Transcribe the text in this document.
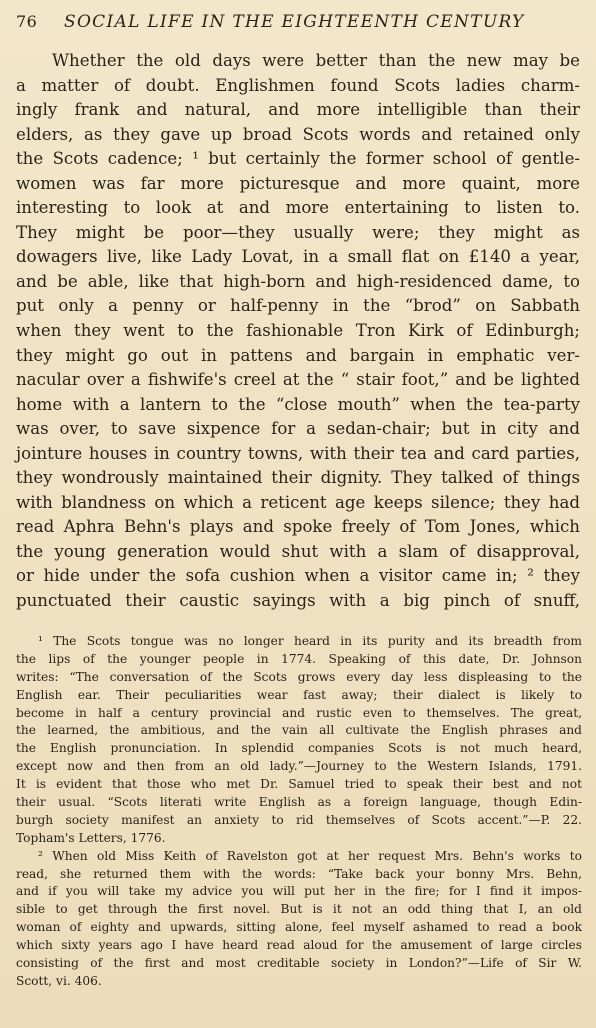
76 SOCIAL LIFE IN THE EIGHTEENTH CENTURY
Whether the old days were better than the new may be
a matter of doubt. Englishmen found Scots ladies charm-
ingly frank and natural, and more intelligible than their
elders, as they gave up broad Scots words and retained only
the Scots cadence; ¹ but certainly the former school of gentle-
women was far more picturesque and more quaint, more
interesting to look at and more entertaining to listen to.
They might be poor—they usually were; they might as
dowagers live, like Lady Lovat, in a small flat on £140 a year,
and be able, like that high-born and high-residenced dame, to
put only a penny or half-penny in the “brod” on Sabbath
when they went to the fashionable Tron Kirk of Edinburgh;
they might go out in pattens and bargain in emphatic ver-
nacular over a fishwife's creel at the “ stair foot,” and be lighted
home with a lantern to the “close mouth” when the tea-party
was over, to save sixpence for a sedan-chair; but in city and
jointure houses in country towns, with their tea and card parties,
they wondrously maintained their dignity. They talked of things
with blandness on which a reticent age keeps silence; they had
read Aphra Behn's plays and spoke freely of Tom Jones, which
the young generation would shut with a slam of disapproval,
or hide under the sofa cushion when a visitor came in; ² they
punctuated their caustic sayings with a big pinch of snuff,
¹ The Scots tongue was no longer heard in its purity and its breadth from
the lips of the younger people in 1774. Speaking of this date, Dr. Johnson
writes: “The conversation of the Scots grows every day less displeasing to the
English ear. Their peculiarities wear fast away; their dialect is likely to
become in half a century provincial and rustic even to themselves. The great,
the learned, the ambitious, and the vain all cultivate the English phrases and
the English pronunciation. In splendid companies Scots is not much heard,
except now and then from an old lady.”—Journey to the Western Islands, 1791.
It is evident that those who met Dr. Samuel tried to speak their best and not
their usual. “Scots literati write English as a foreign language, though Edin-
burgh society manifest an anxiety to rid themselves of Scots accent.”—P. 22.
Topham's Letters, 1776.
² When old Miss Keith of Ravelston got at her request Mrs. Behn's works to
read, she returned them with the words: “Take back your bonny Mrs. Behn,
and if you will take my advice you will put her in the fire; for I find it impos-
sible to get through the first novel. But is it not an odd thing that I, an old
woman of eighty and upwards, sitting alone, feel myself ashamed to read a book
which sixty years ago I have heard read aloud for the amusement of large circles
consisting of the first and most creditable society in London?”—Life of Sir W.
Scott, vi. 406.
